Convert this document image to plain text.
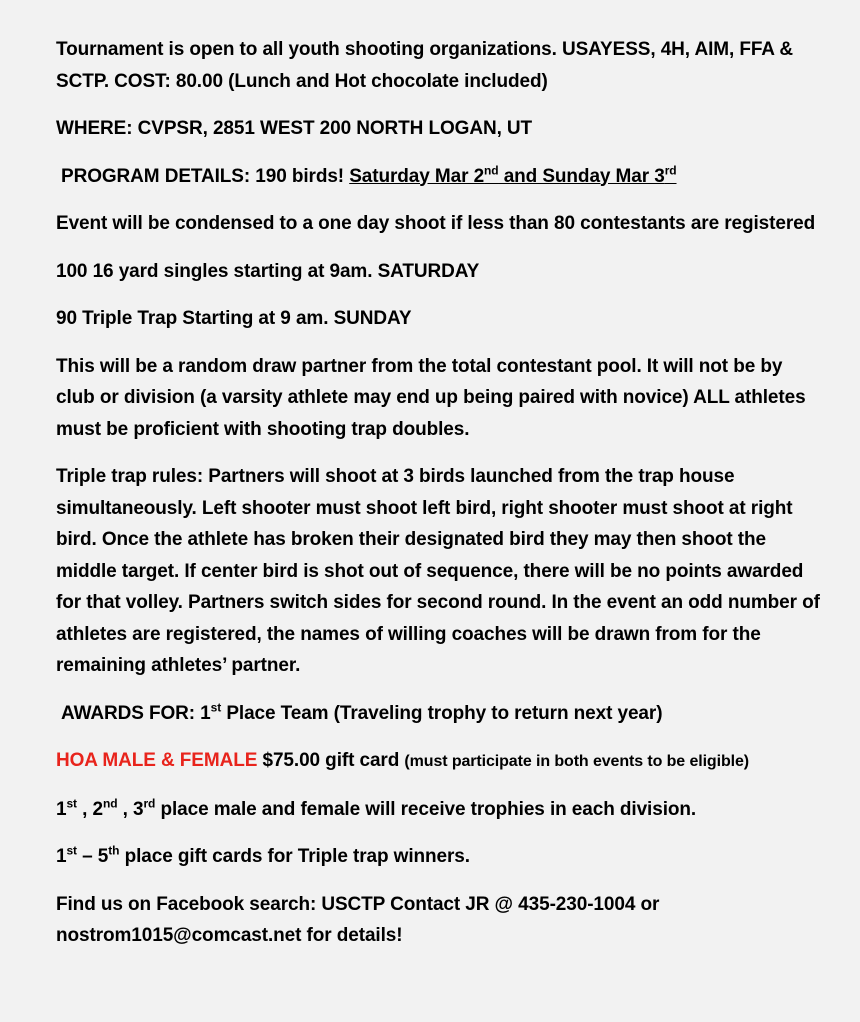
Tournament is open to all youth shooting organizations. USAYESS, 4H, AIM, FFA & SCTP. COST: 80.00 (Lunch and Hot chocolate included)

WHERE: CVPSR, 2851 WEST 200 NORTH LOGAN, UT

PROGRAM DETAILS: 190 birds! Saturday Mar 2nd and Sunday Mar 3rd

Event will be condensed to a one day shoot if less than 80 contestants are registered

100 16 yard singles starting at 9am. SATURDAY

90 Triple Trap Starting at 9 am. SUNDAY

This will be a random draw partner from the total contestant pool. It will not be by club or division (a varsity athlete may end up being paired with novice) ALL athletes must be proficient with shooting trap doubles.

Triple trap rules: Partners will shoot at 3 birds launched from the trap house simultaneously. Left shooter must shoot left bird, right shooter must shoot at right bird. Once the athlete has broken their designated bird they may then shoot the middle target. If center bird is shot out of sequence, there will be no points awarded for that volley. Partners switch sides for second round. In the event an odd number of athletes are registered, the names of willing coaches will be drawn from for the remaining athletes’ partner.

AWARDS FOR: 1st Place Team (Traveling trophy to return next year)

HOA MALE & FEMALE $75.00 gift card (must participate in both events to be eligible)

1st , 2nd , 3rd place male and female will receive trophies in each division.

1st – 5th place gift cards for Triple trap winners.

Find us on Facebook search: USCTP Contact JR @ 435-230-1004 or nostrom1015@comcast.net for details!
